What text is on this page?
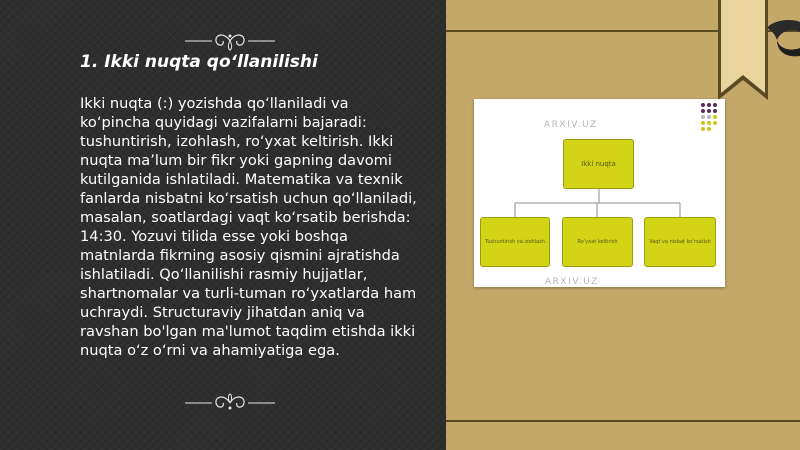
1. Ikki nuqta qoʻllanilishi

Ikki nuqta (:) yozishda qo‘llaniladi va ko‘pincha quyidagi vazifalarni bajaradi: tushuntirish, izohlash, ro‘yxat keltirish. Ikki nuqta ma’lum bir fikr yoki gapning davomi kutilganida ishlatiladi. Matematika va texnik fanlarda nisbatni ko‘rsatish uchun qo‘llaniladi, masalan, soatlardagi vaqt ko‘rsatib berishda: 14:30. Yozuvi tilida esse yoki boshqa matnlarda fikrning asosiy qismini ajratishda ishlatiladi. Qo‘llanilishi rasmiy hujjatlar, shartnomalar va turli-tuman ro‘yxatlarda ham uchraydi. Structuraviy jihatdan aniq va ravshan bo'lgan ma'lumot taqdim etishda ikki nuqta o‘z o‘rni va ahamiyatiga ega.

ARXIV.UZ
ARXIV.UZ
Ikki nuqta
Tushuntirish va izohlash	Ro‘yxat keltirish	Vaqt va nisbat ko‘rsatish
